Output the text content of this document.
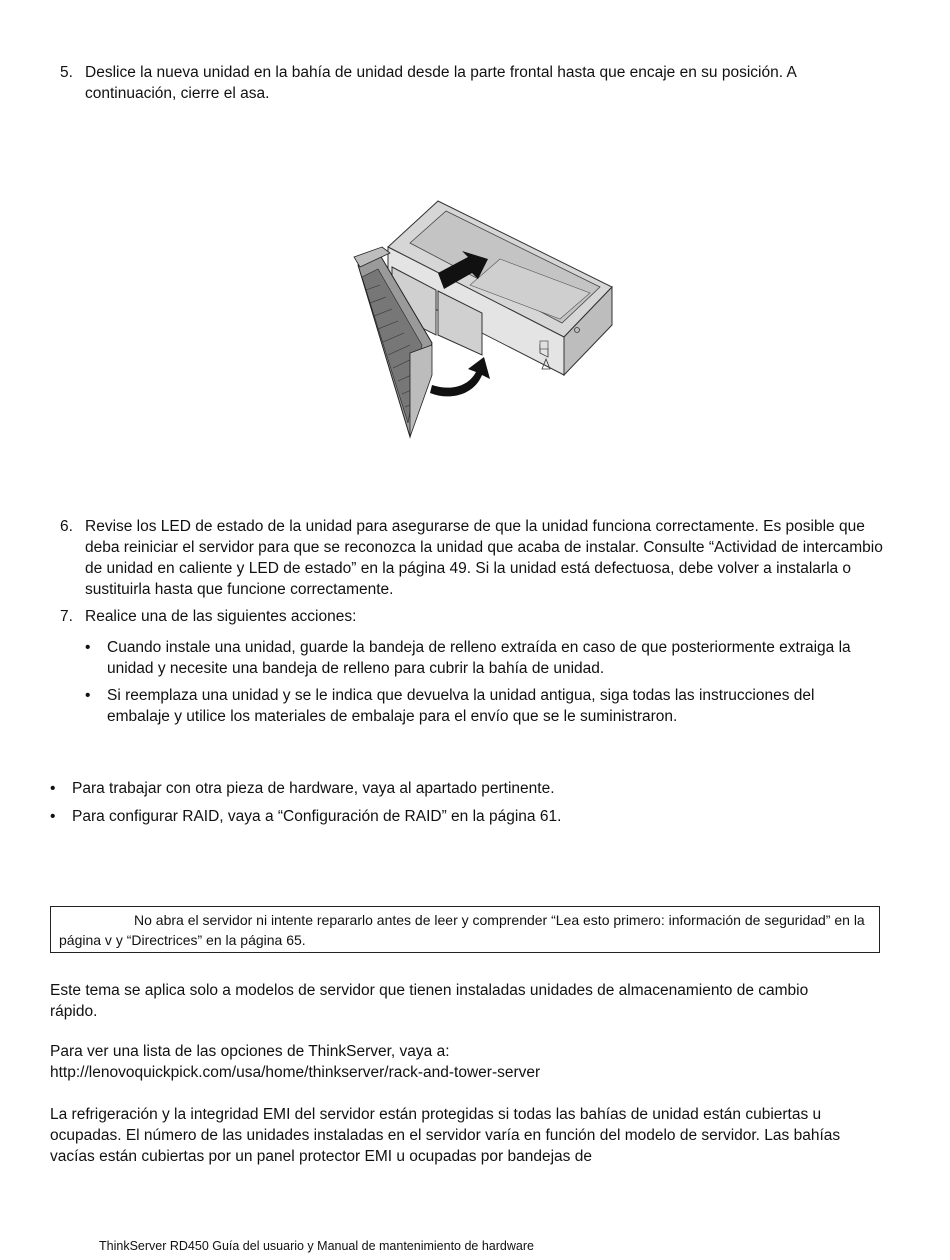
5. Deslice la nueva unidad en la bahía de unidad desde la parte frontal hasta que encaje en su posición. A continuación, cierre el asa.
6. Revise los LED de estado de la unidad para asegurarse de que la unidad funciona correctamente. Es posible que deba reiniciar el servidor para que se reconozca la unidad que acaba de instalar. Consulte “Actividad de intercambio de unidad en caliente y LED de estado” en la página 49. Si la unidad está defectuosa, debe volver a instalarla o sustituirla hasta que funcione correctamente.
7. Realice una de las siguientes acciones:
•	Cuando instale una unidad, guarde la bandeja de relleno extraída en caso de que posteriormente extraiga la unidad y necesite una bandeja de relleno para cubrir la bahía de unidad.
•	Si reemplaza una unidad y se le indica que devuelva la unidad antigua, siga todas las instrucciones del embalaje y utilice los materiales de embalaje para el envío que se le suministraron.
•	Para trabajar con otra pieza de hardware, vaya al apartado pertinente.
•	Para configurar RAID, vaya a “Configuración de RAID” en la página 61.
No abra el servidor ni intente repararlo antes de leer y comprender “Lea esto primero: información de seguridad” en la página v y “Directrices” en la página 65.
Este tema se aplica solo a modelos de servidor que tienen instaladas unidades de almacenamiento de cambio rápido.
Para ver una lista de las opciones de ThinkServer, vaya a:
http://lenovoquickpick.com/usa/home/thinkserver/rack-and-tower-server
La refrigeración y la integridad EMI del servidor están protegidas si todas las bahías de unidad están cubiertas u ocupadas. El número de las unidades instaladas en el servidor varía en función del modelo de servidor. Las bahías vacías están cubiertas por un panel protector EMI u ocupadas por bandejas de
ThinkServer RD450 Guía del usuario y Manual de mantenimiento de hardware
